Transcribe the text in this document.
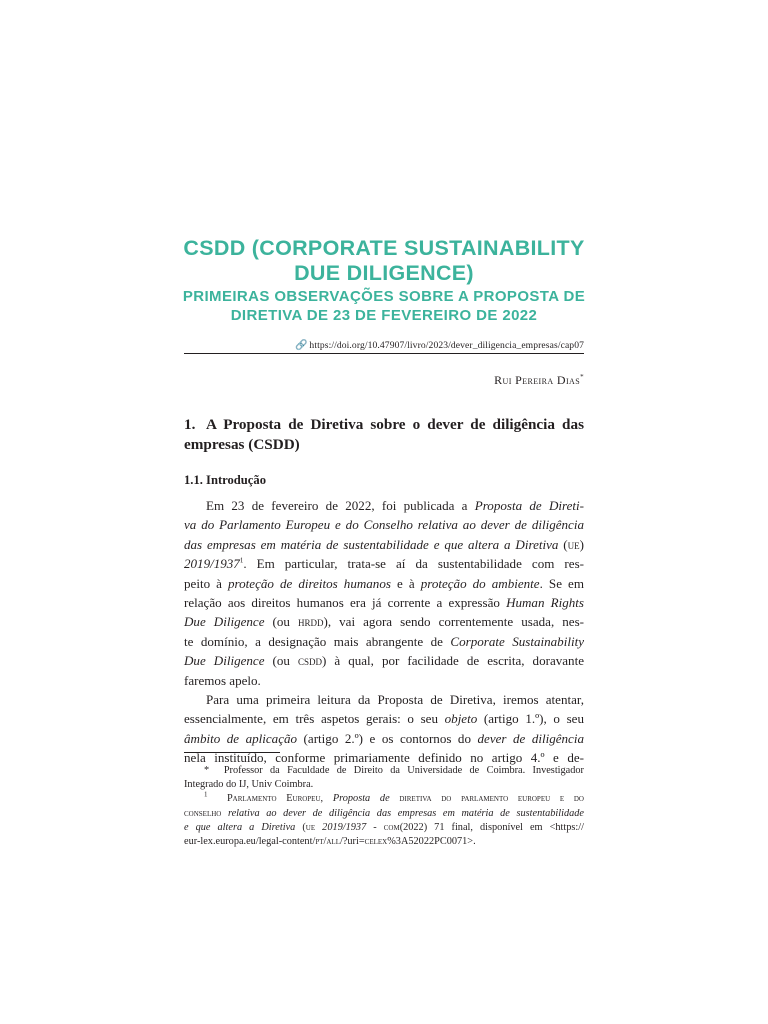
CSDD (CORPORATE SUSTAINABILITY DUE DILIGENCE)

PRIMEIRAS OBSERVAÇÕES SOBRE A PROPOSTA DE DIRETIVA DE 23 DE FEVEREIRO DE 2022

🔗 https://doi.org/10.47907/livro/2023/dever_diligencia_empresas/cap07
Rui Pereira Dias*
1. A Proposta de Diretiva sobre o dever de diligência das empresas (CSDD)
1.1. Introdução
Em 23 de fevereiro de 2022, foi publicada a Proposta de Direti-
va do Parlamento Europeu e do Conselho relativa ao dever de diligência
das empresas em matéria de sustentabilidade e que altera a Diretiva (ue)
2019/1937$^1$. Em particular, trata-se aí da sustentabilidade com res-
peito à proteção de direitos humanos e à proteção do ambiente. Se em
relação aos direitos humanos era já corrente a expressão Human Rights
Due Diligence (ou hrdd), vai agora sendo correntemente usada, nes-
te domínio, a designação mais abrangente de Corporate Sustainability
Due Diligence (ou csdd) à qual, por facilidade de escrita, doravante
faremos apelo.
Para uma primeira leitura da Proposta de Diretiva, iremos atentar,
essencialmente, em três aspetos gerais: o seu objeto (artigo 1.º), o seu
âmbito de aplicação (artigo 2.º) e os contornos do dever de diligência
nela instituído, conforme primariamente definido no artigo 4.º e de-
* Professor da Faculdade de Direito da Universidade de Coimbra. Investigador
Integrado do IJ, Univ Coimbra.
$^1$ Parlamento Europeu, Proposta de diretiva do parlamento europeu e do
conselho relativa ao dever de diligência das empresas em matéria de sustentabilidade
e que altera a Diretiva (ue 2019/1937 - com(2022) 71 final, disponível em <https://
eur-lex.europa.eu/legal-content/pt/all/?uri=celex%3A52022PC0071>.
